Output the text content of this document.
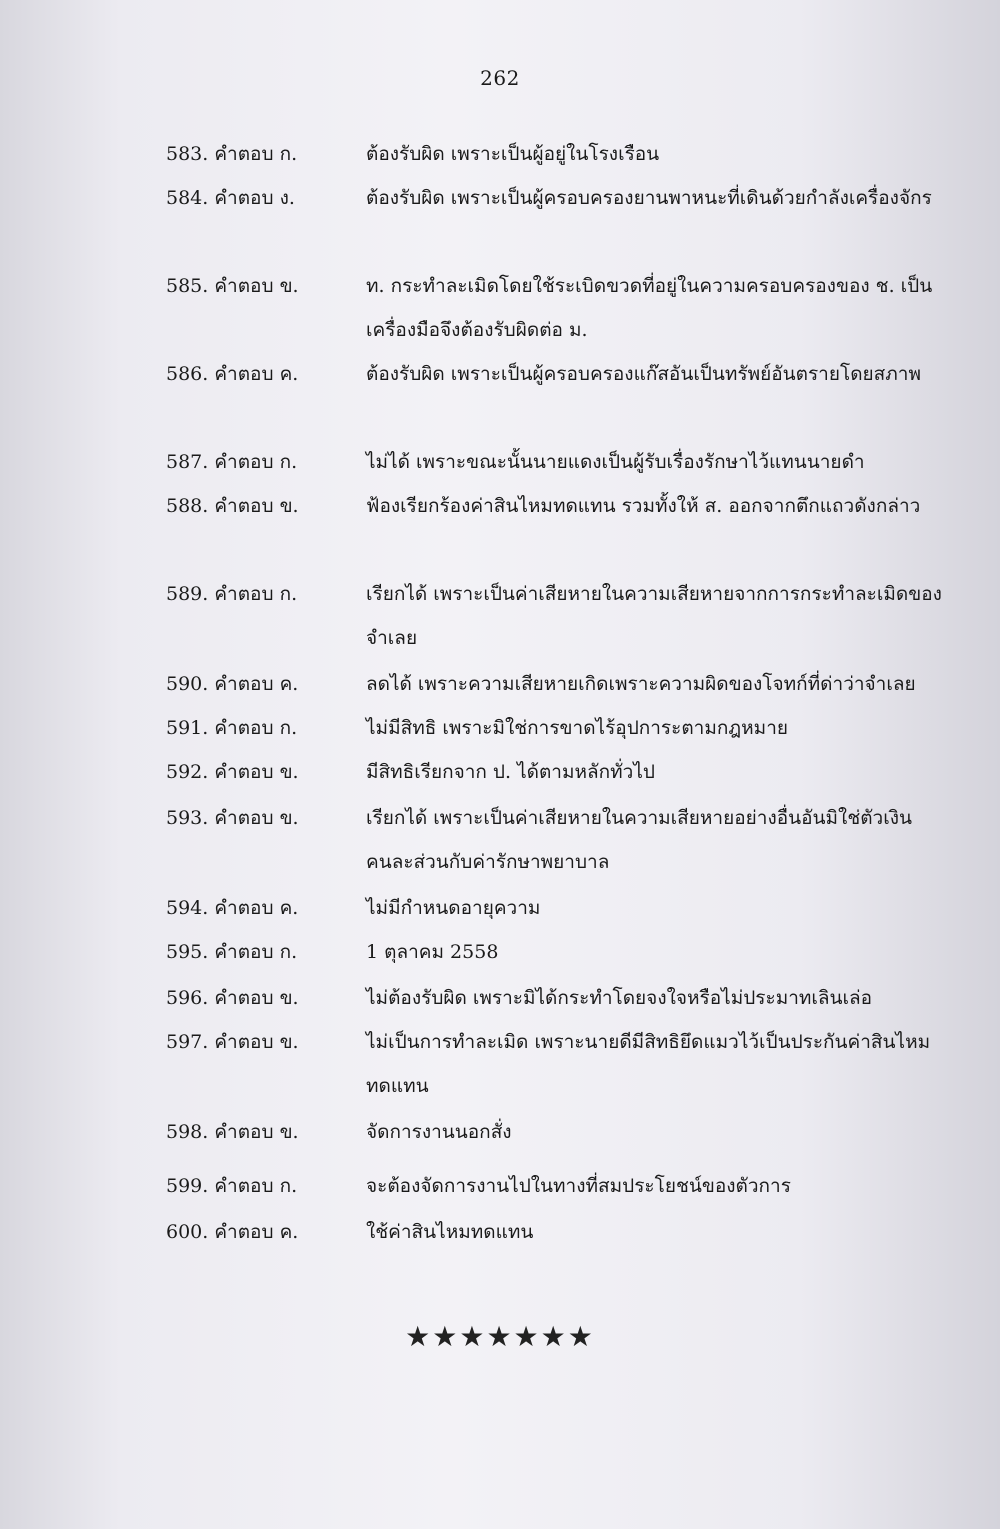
262
583. คำตอบ ก.	ต้องรับผิด เพราะเป็นผู้อยู่ในโรงเรือน
584. คำตอบ ง.	ต้องรับผิด เพราะเป็นผู้ครอบครองยานพาหนะที่เดินด้วยกำลังเครื่องจักร
585. คำตอบ ข.	ท. กระทำละเมิดโดยใช้ระเบิดขวดที่อยู่ในความครอบครองของ ช. เป็นเครื่องมือจึงต้องรับผิดต่อ ม.
586. คำตอบ ค.	ต้องรับผิด เพราะเป็นผู้ครอบครองแก๊สอันเป็นทรัพย์อันตรายโดยสภาพ
587. คำตอบ ก.	ไม่ได้ เพราะขณะนั้นนายแดงเป็นผู้รับเรื่องรักษาไว้แทนนายดำ
588. คำตอบ ข.	ฟ้องเรียกร้องค่าสินไหมทดแทน รวมทั้งให้ ส. ออกจากตึกแถวดังกล่าว
589. คำตอบ ก.	เรียกได้ เพราะเป็นค่าเสียหายในความเสียหายจากการกระทำละเมิดของจำเลย
590. คำตอบ ค.	ลดได้ เพราะความเสียหายเกิดเพราะความผิดของโจทก์ที่ด่าว่าจำเลย
591. คำตอบ ก.	ไม่มีสิทธิ เพราะมิใช่การขาดไร้อุปการะตามกฎหมาย
592. คำตอบ ข.	มีสิทธิเรียกจาก ป. ได้ตามหลักทั่วไป
593. คำตอบ ข.	เรียกได้ เพราะเป็นค่าเสียหายในความเสียหายอย่างอื่นอันมิใช่ตัวเงินคนละส่วนกับค่ารักษาพยาบาล
594. คำตอบ ค.	ไม่มีกำหนดอายุความ
595. คำตอบ ก.	1 ตุลาคม 2558
596. คำตอบ ข.	ไม่ต้องรับผิด เพราะมิได้กระทำโดยจงใจหรือไม่ประมาทเลินเล่อ
597. คำตอบ ข.	ไม่เป็นการทำละเมิด เพราะนายดีมีสิทธิยึดแมวไว้เป็นประกันค่าสินไหมทดแทน
598. คำตอบ ข.	จัดการงานนอกสั่ง
599. คำตอบ ก.	จะต้องจัดการงานไปในทางที่สมประโยชน์ของตัวการ
600. คำตอบ ค.	ใช้ค่าสินไหมทดแทน
★★★★★★★
